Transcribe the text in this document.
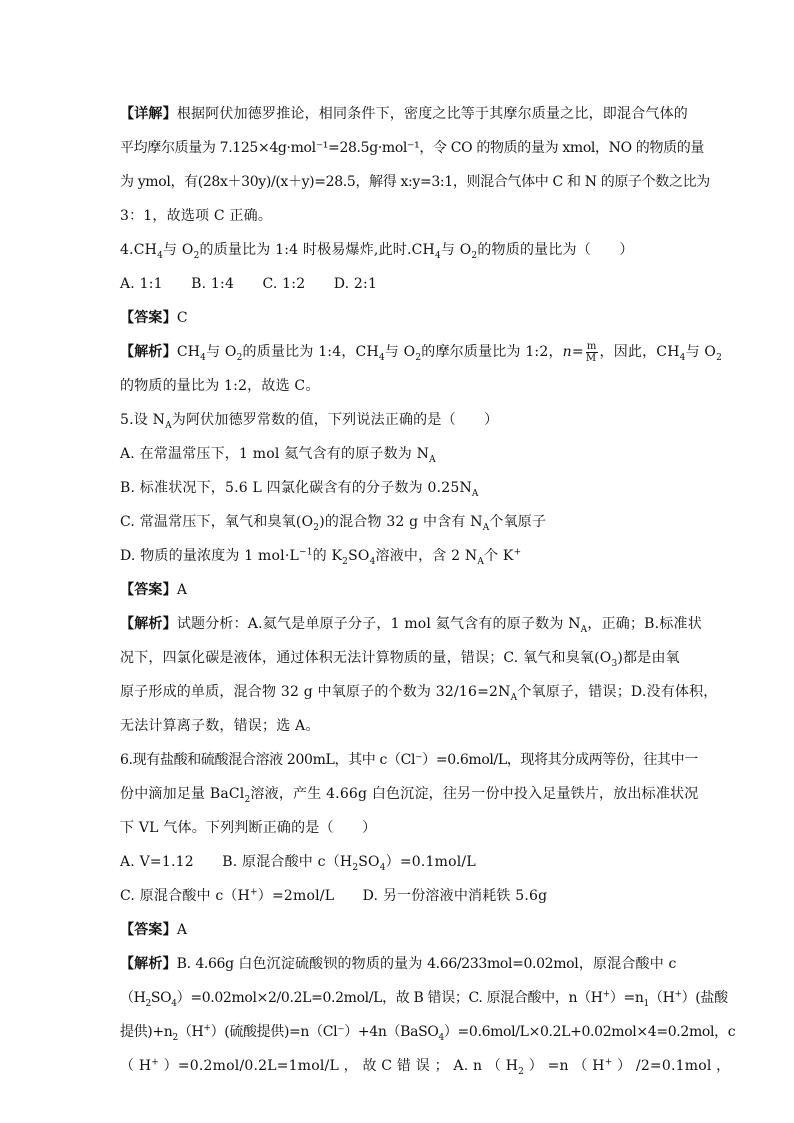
【详解】根据阿伏加德罗推论，相同条件下，密度之比等于其摩尔质量之比，即混合气体的
平均摩尔质量为 7.125×4g·mol⁻¹=28.5g·mol⁻¹，令 CO 的物质的量为 xmol，NO 的物质的量
为 ymol，有(28x＋30y)/(x＋y)=28.5，解得 x:y=3:1，则混合气体中 C 和 N 的原子个数之比为
3：1，故选项 C 正确。
$4.CH_4$与 $O_2$的质量比为 1:4 时极易爆炸,此时$.CH_4$与 $O_2$的物质的量比为（　　）
A. 1:1　　B. 1:4　　C. 1:2　　D. 2:1
【答案】C
【解析】$CH_4$与 $O_2$的质量比为 1:4，$CH_4$与 $O_2$的摩尔质量比为 1:2，$n= \frac{m}{M}$ ，因此，$CH_4$与 $O_2$
的物质的量比为 1:2，故选 C。
5.设 $N_A$为阿伏加德罗常数的值，下列说法正确的是（　　）
A. 在常温常压下，1 mol 氦气含有的原子数为 $N_A$
B. 标准状况下，5.6 L 四氯化碳含有的分子数为 $0.25N_A$
C. 常温常压下，氧气和臭氧$(O_2)$的混合物 32 g 中含有 $N_A$个氧原子
D. 物质的量浓度为 1 $mol\cdot L^{-1}$的 $K_2SO_4$溶液中，含 2 $N_A$个 K+
【答案】A
【解析】试题分析：A.氦气是单原子分子，1 mol 氦气含有的原子数为 $N_A$，正确；B.标准状
况下，四氯化碳是液体，通过体积无法计算物质的量，错误；C. 氧气和臭氧$(O_3)$都是由氧
原子形成的单质，混合物 32 g 中氧原子的个数为 $32/16=2N_A$个氧原子，错误；D.没有体积，
无法计算离子数，错误；选 A。
6.现有盐酸和硫酸混合溶液 200mL，其中 c（Cl⁻）=0.6mol/L，现将其分成两等份，往其中一
份中滴加足量 BaCl$_2$溶液，产生 4.66g 白色沉淀，往另一份中投入足量铁片，放出标准状况
下 VL 气体。下列判断正确的是（　　）
A. V=1.12　　B. 原混合酸中 $c(H_2SO_4)=0.1mol/L$
C. 原混合酸中 c（H+）=2mol/L　　D. 另一份溶液中消耗铁 5.6g
【答案】A
【解析】B. 4.66g 白色沉淀硫酸钡的物质的量为 4.66/233mol=0.02mol，原混合酸中 c
$(H_2SO_4)=0.02mol\times 2/0.2L=0.2mol/L$，故 B 错误；C. 原混合酸中，$n(H^+)=n_1(H^+)$(盐酸
提供)$+n_2(H^+)$(硫酸提供)=n（Cl⁻）+4n（BaSO$_4$）=0.6mol/L×0.2L+0.02mol×4=0.2mol，c
（ H+ ）=0.2mol/0.2L=1mol/L ， 故 C 错 误 ； A. n （ $H_2$ ） =n （ H+ ） /2=0.1mol ，
